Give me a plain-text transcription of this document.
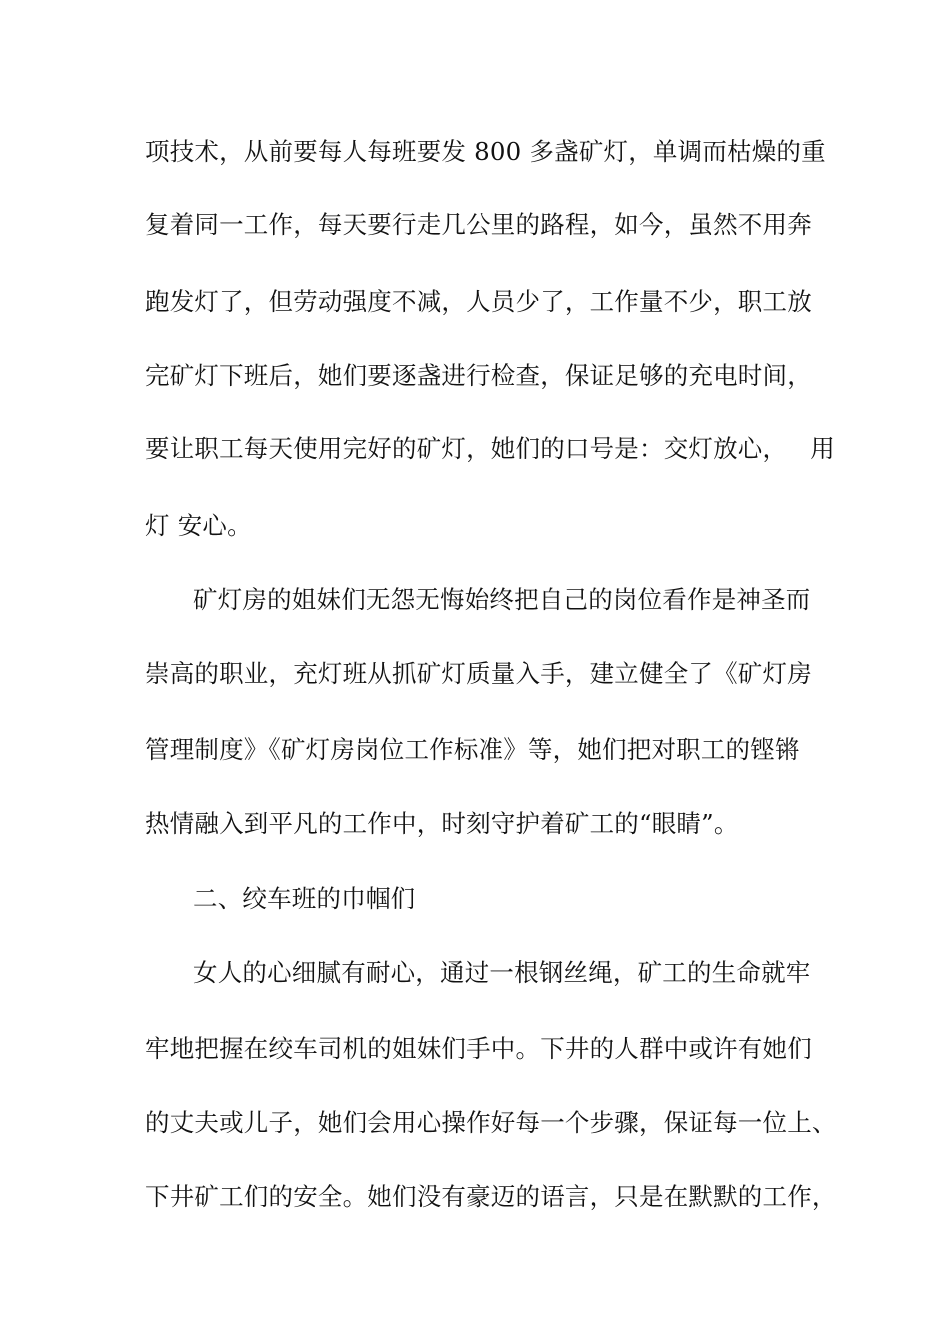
项技术，从前要每人每班要发 800 多盏矿灯，单调而枯燥的重
复着同一工作，每天要行走几公里的路程，如今，虽然不用奔
跑发灯了，但劳动强度不减，人员少了，工作量不少，职工放
完矿灯下班后，她们要逐盏进行检查，保证足够的充电时间，
要让职工每天使用完好的矿灯，她们的口号是：交灯放心， 用
灯 安心。
矿灯房的姐妹们无怨无悔始终把自己的岗位看作是神圣而
崇高的职业，充灯班从抓矿灯质量入手，建立健全了《矿灯房
管理制度》《矿灯房岗位工作标准》等，她们把对职工的铿锵
热情融入到平凡的工作中，时刻守护着矿工的“眼睛”。
二、绞车班的巾帼们
女人的心细腻有耐心，通过一根钢丝绳，矿工的生命就牢
牢地把握在绞车司机的姐妹们手中。下井的人群中或许有她们
的丈夫或儿子，她们会用心操作好每一个步骤，保证每一位上、
下井矿工们的安全。她们没有豪迈的语言，只是在默默的工作，
